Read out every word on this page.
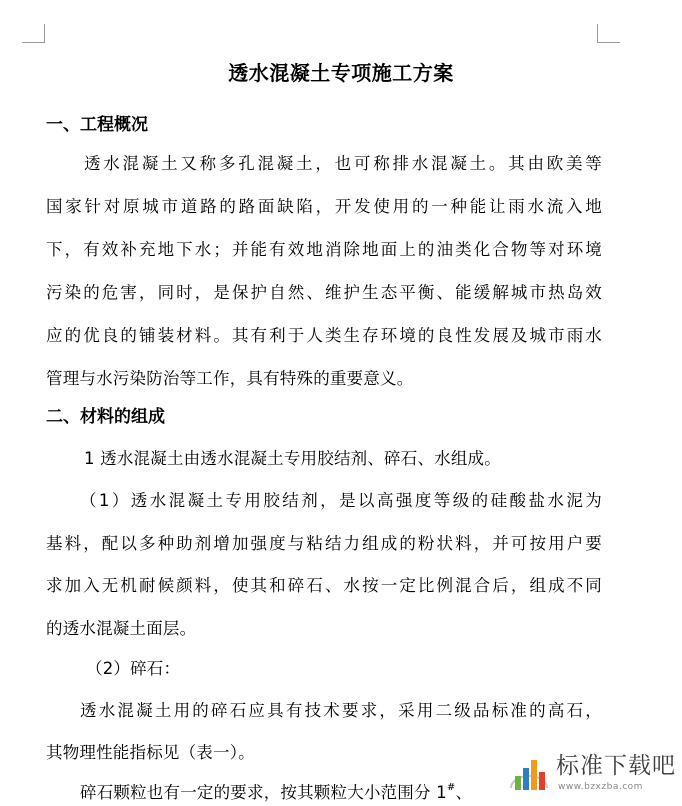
透水混凝土专项施工方案
一、工程概况
透水混凝土又称多孔混凝土，也可称排水混凝土。其由欧美等
国家针对原城市道路的路面缺陷，开发使用的一种能让雨水流入地
下，有效补充地下水；并能有效地消除地面上的油类化合物等对环境
污染的危害，同时，是保护自然、维护生态平衡、能缓解城市热岛效
应的优良的铺装材料。其有利于人类生存环境的良性发展及城市雨水
管理与水污染防治等工作，具有特殊的重要意义。
二、材料的组成
1 透水混凝土由透水混凝土专用胶结剂、碎石、水组成。
（1）透水混凝土专用胶结剂，是以高强度等级的硅酸盐水泥为
基料，配以多种助剂增加强度与粘结力组成的粉状料，并可按用户要
求加入无机耐候颜料，使其和碎石、水按一定比例混合后，组成不同
的透水混凝土面层。
（2）碎石：
透水混凝土用的碎石应具有技术要求，采用二级品标准的高石，
其物理性能指标见（表一）。
碎石颗粒也有一定的要求，按其颗粒大小范围分 1#、
标准下载吧
www.bzxzba.com
